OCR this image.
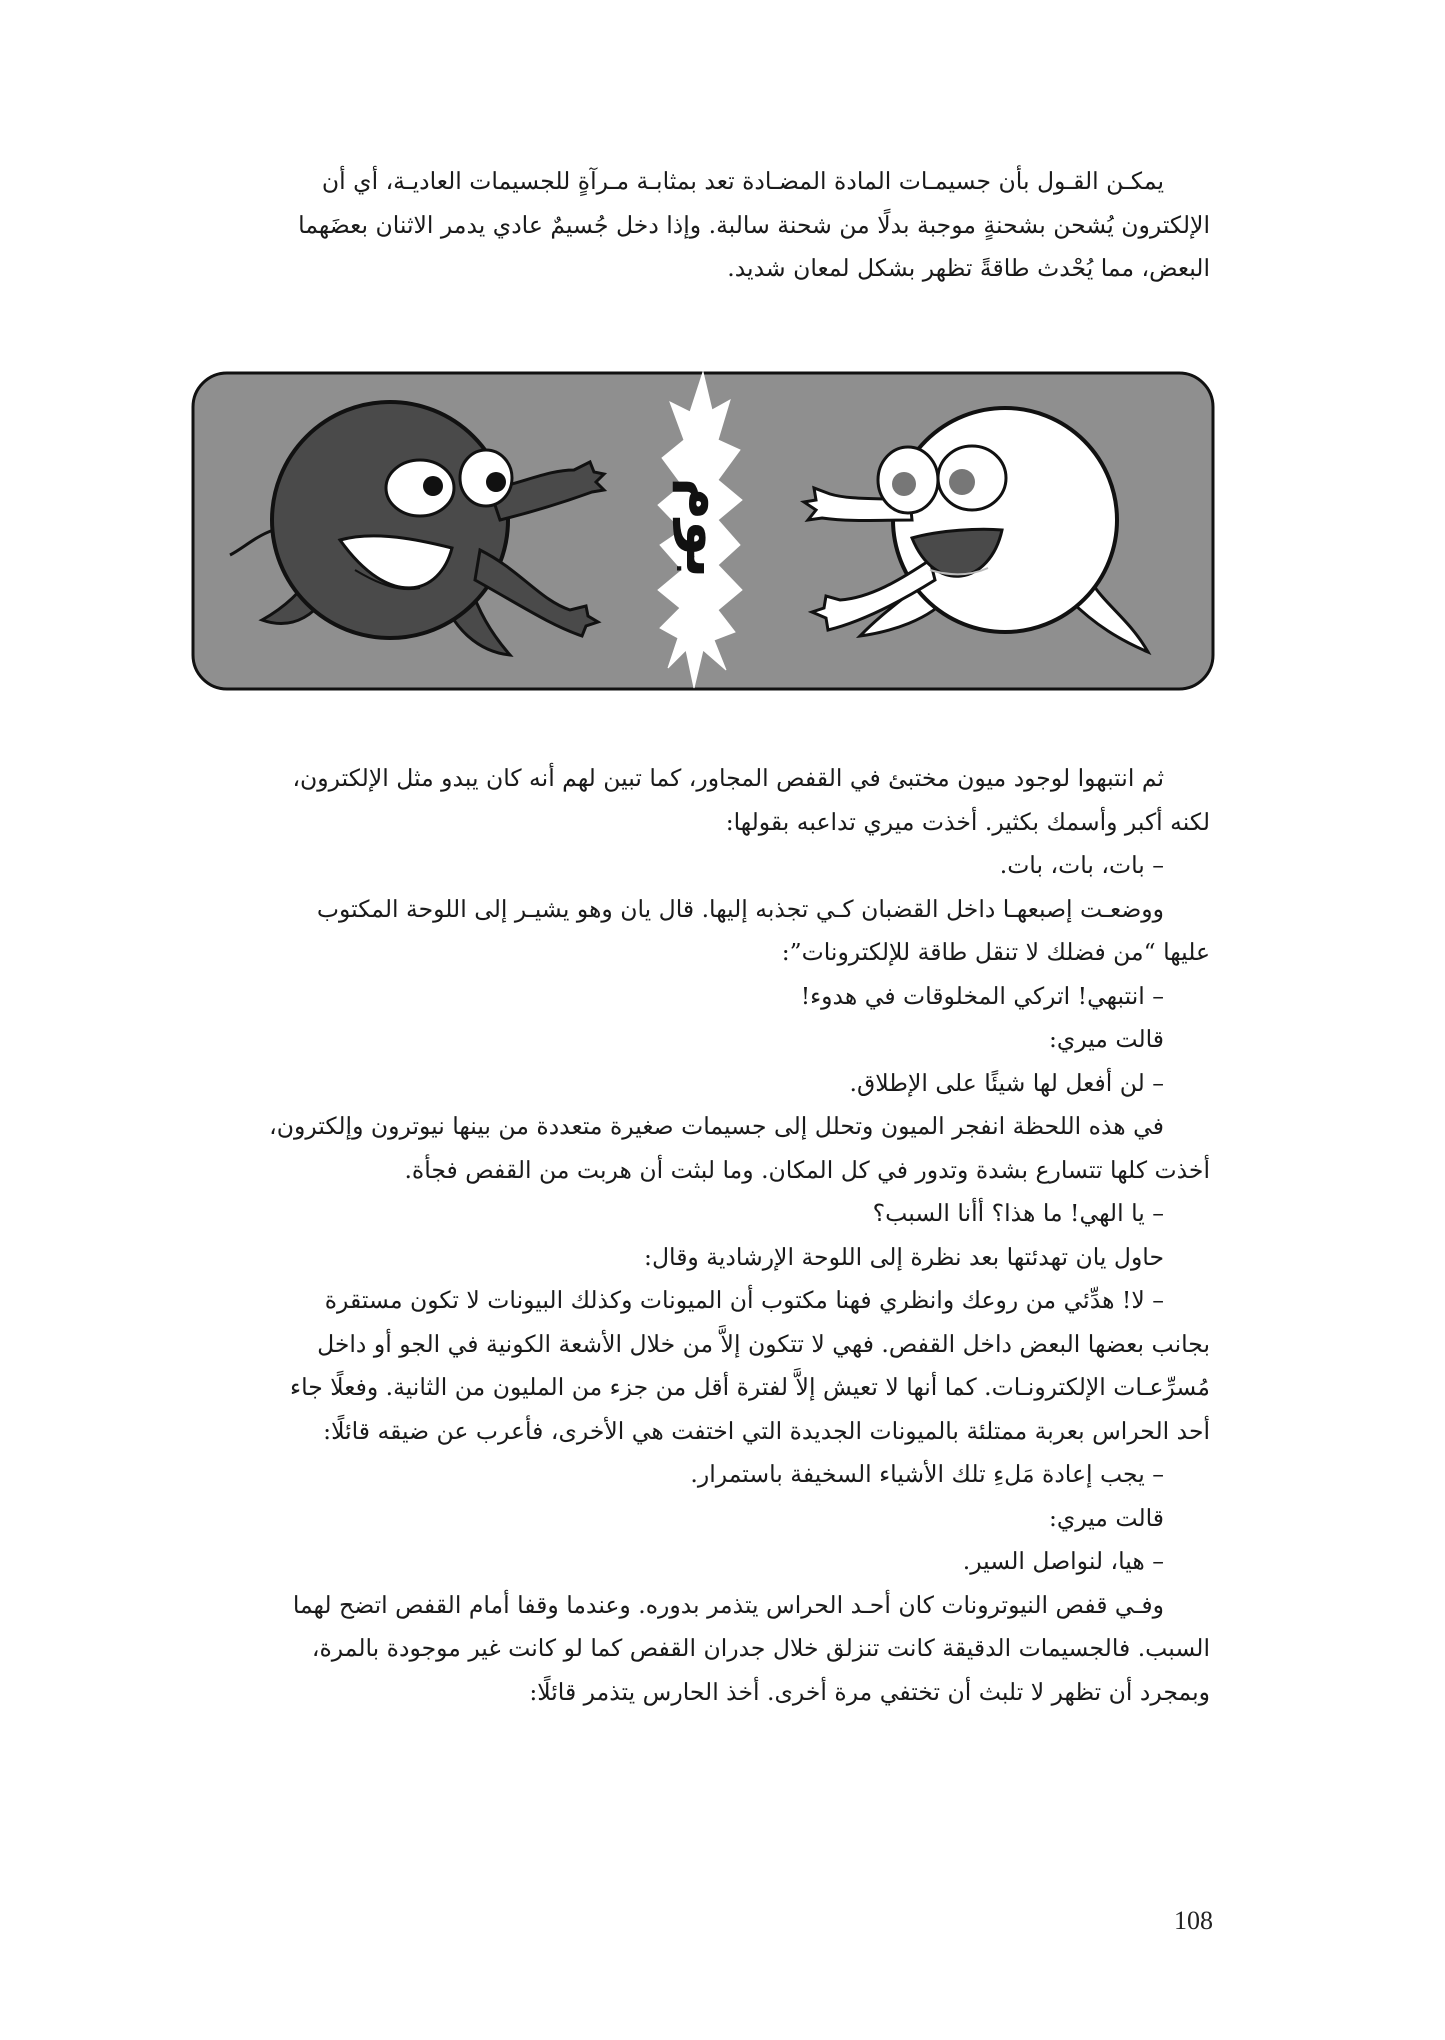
يمكـن القـول بأن جسيمـات المادة المضـادة تعد بمثابـة مـرآةٍ للجسيمات العاديـة، أي أن
الإلكترون يُشحن بشحنةٍ موجبة بدلًا من شحنة سالبة. وإذا دخل جُسيمٌ عادي يدمر الاثنان بعضَهما
البعض، مما يُحْدث طاقةً تظهر بشكل لمعان شديد.
بوم
ثم انتبهوا لوجود ميون مختبئ في القفص المجاور، كما تبين لهم أنه كان يبدو مثل الإلكترون،
لكنه أكبر وأسمك بكثير. أخذت ميري تداعبه بقولها:
– بات، بات، بات.
ووضعـت إصبعهـا داخل القضبان كـي تجذبه إليها. قال يان وهو يشيـر إلى اللوحة المكتوب
عليها “من فضلك لا تنقل طاقة للإلكترونات”:
– انتبهي! اتركي المخلوقات في هدوء!
قالت ميري:
– لن أفعل لها شيئًا على الإطلاق.
في هذه اللحظة انفجر الميون وتحلل إلى جسيمات صغيرة متعددة من بينها نيوترون وإلكترون،
أخذت كلها تتسارع بشدة وتدور في كل المكان. وما لبثت أن هربت من القفص فجأة.
– يا الهي! ما هذا؟ أأنا السبب؟
حاول يان تهدئتها بعد نظرة إلى اللوحة الإرشادية وقال:
– لا! هدِّئي من روعك وانظري فهنا مكتوب أن الميونات وكذلك البيونات لا تكون مستقرة
بجانب بعضها البعض داخل القفص. فهي لا تتكون إلاَّ من خلال الأشعة الكونية في الجو أو داخل
مُسرِّعـات الإلكترونـات. كما أنها لا تعيش إلاَّ لفترة أقل من جزء من المليون من الثانية. وفعلًا جاء
أحد الحراس بعربة ممتلئة بالميونات الجديدة التي اختفت هي الأخرى، فأعرب عن ضيقه قائلًا:
– يجب إعادة مَلءِ تلك الأشياء السخيفة باستمرار.
قالت ميري:
– هيا، لنواصل السير.
وفـي قفص النيوترونات كان أحـد الحراس يتذمر بدوره. وعندما وقفا أمام القفص اتضح لهما
السبب. فالجسيمات الدقيقة كانت تنزلق خلال جدران القفص كما لو كانت غير موجودة بالمرة،
وبمجرد أن تظهر لا تلبث أن تختفي مرة أخرى. أخذ الحارس يتذمر قائلًا:
108
